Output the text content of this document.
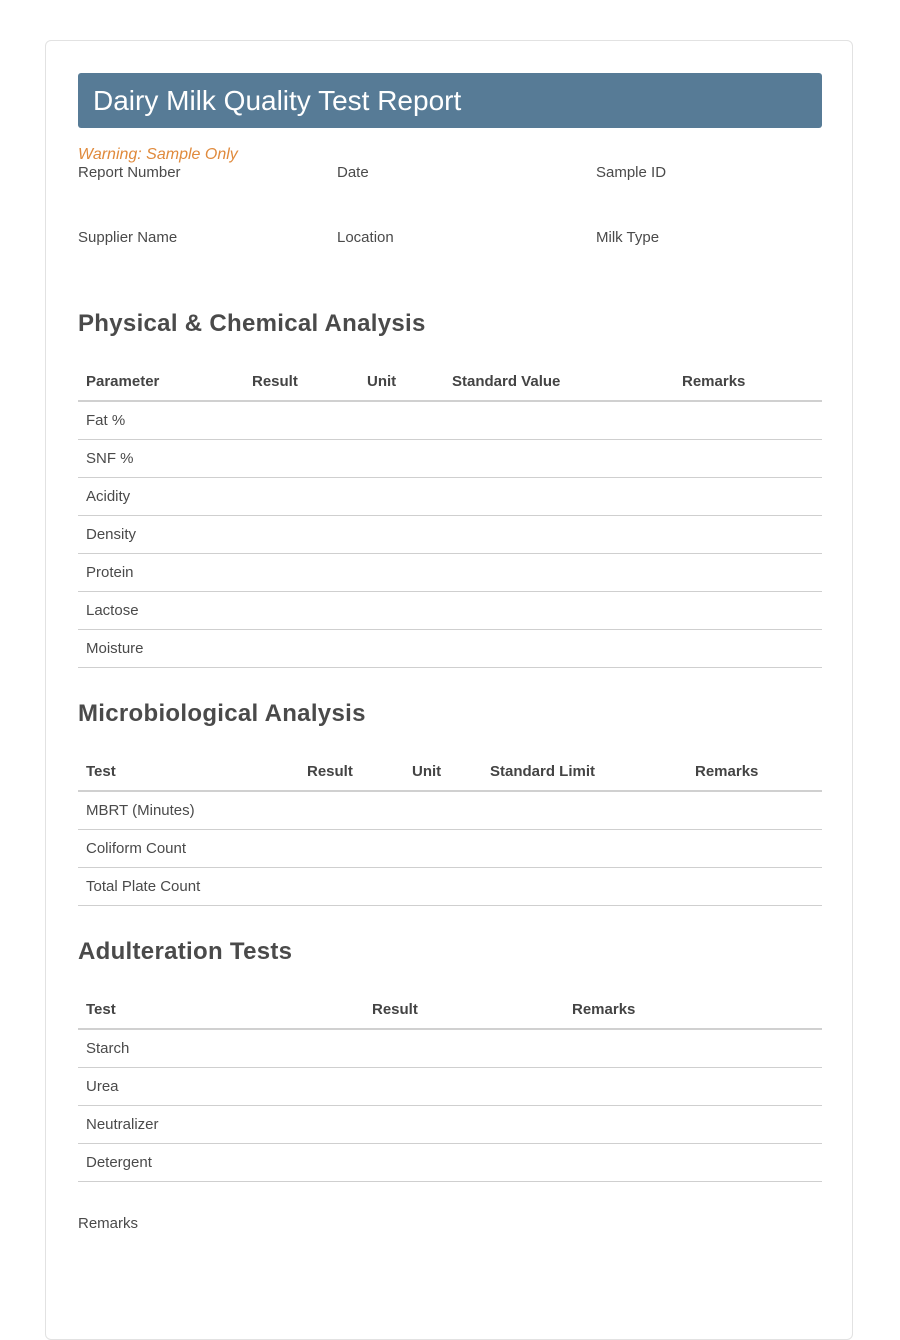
Dairy Milk Quality Test Report
Warning: Sample Only
Report Number	Date	Sample ID
Supplier Name	Location	Milk Type
Physical & Chemical Analysis
Parameter	Result	Unit	Standard Value	Remarks
Fat %				
SNF %				
Acidity				
Density				
Protein				
Lactose				
Moisture				
Microbiological Analysis
Test	Result	Unit	Standard Limit	Remarks
MBRT (Minutes)				
Coliform Count				
Total Plate Count				
Adulteration Tests
Test	Result	Remarks
Starch		
Urea		
Neutralizer		
Detergent		
Remarks
